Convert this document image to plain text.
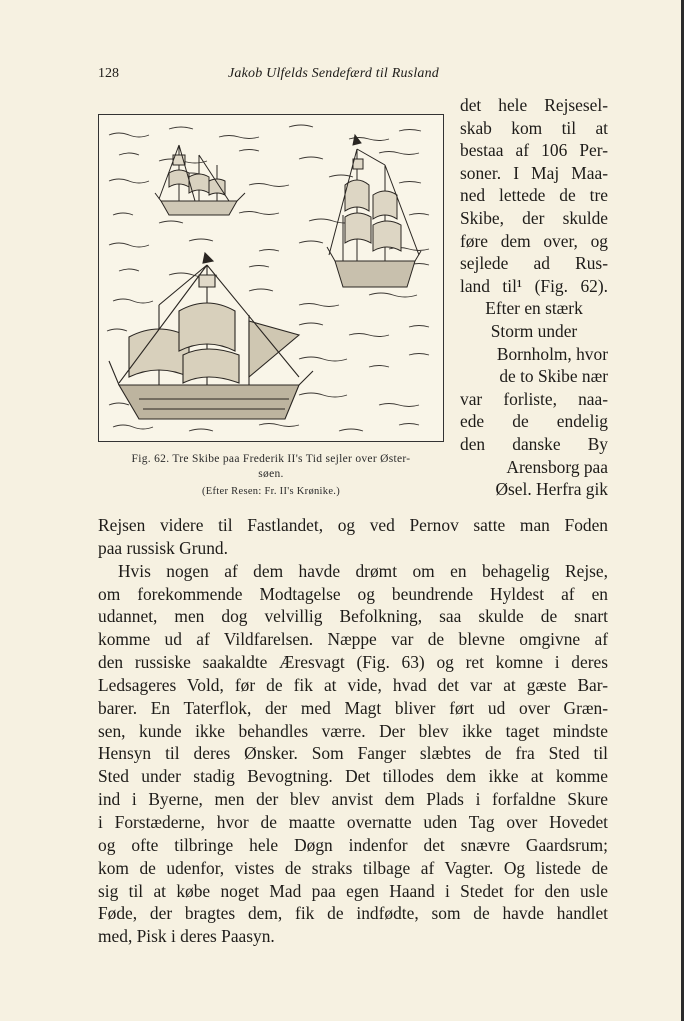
128	Jakob Ulfelds Sendefærd til Rusland
Fig. 62. Tre Skibe paa Frederik II's Tid sejler over Øster-
søen.
(Efter Resen: Fr. II's Krønike.)
det hele Rejsesel-
skab kom til at
bestaa af 106 Per-
soner. I Maj Maa-
ned lettede de tre
Skibe, der skulde
føre dem over, og
sejlede ad Rus-
land til¹ (Fig. 62).
Efter en stærk
Storm under
Bornholm, hvor
de to Skibe nær
var forliste, naa-
ede de endelig
den danske By
Arensborg paa
Øsel. Herfra gik
Rejsen videre til Fastlandet, og ved Pernov satte man Foden
paa russisk Grund.
Hvis nogen af dem havde drømt om en behagelig Rejse,
om forekommende Modtagelse og beundrende Hyldest af en
udannet, men dog velvillig Befolkning, saa skulde de snart
komme ud af Vildfarelsen. Næppe var de blevne omgivne af
den russiske saakaldte Æresvagt (Fig. 63) og ret komne i deres
Ledsageres Vold, før de fik at vide, hvad det var at gæste Bar-
barer. En Taterflok, der med Magt bliver ført ud over Græn-
sen, kunde ikke behandles værre. Der blev ikke taget mindste
Hensyn til deres Ønsker. Som Fanger slæbtes de fra Sted til
Sted under stadig Bevogtning. Det tillodes dem ikke at komme
ind i Byerne, men der blev anvist dem Plads i forfaldne Skure
i Forstæderne, hvor de maatte overnatte uden Tag over Hovedet
og ofte tilbringe hele Døgn indenfor det snævre Gaardsrum;
kom de udenfor, vistes de straks tilbage af Vagter. Og listede de
sig til at købe noget Mad paa egen Haand i Stedet for den usle
Føde, der bragtes dem, fik de indfødte, som de havde handlet
med, Pisk i deres Paasyn.
